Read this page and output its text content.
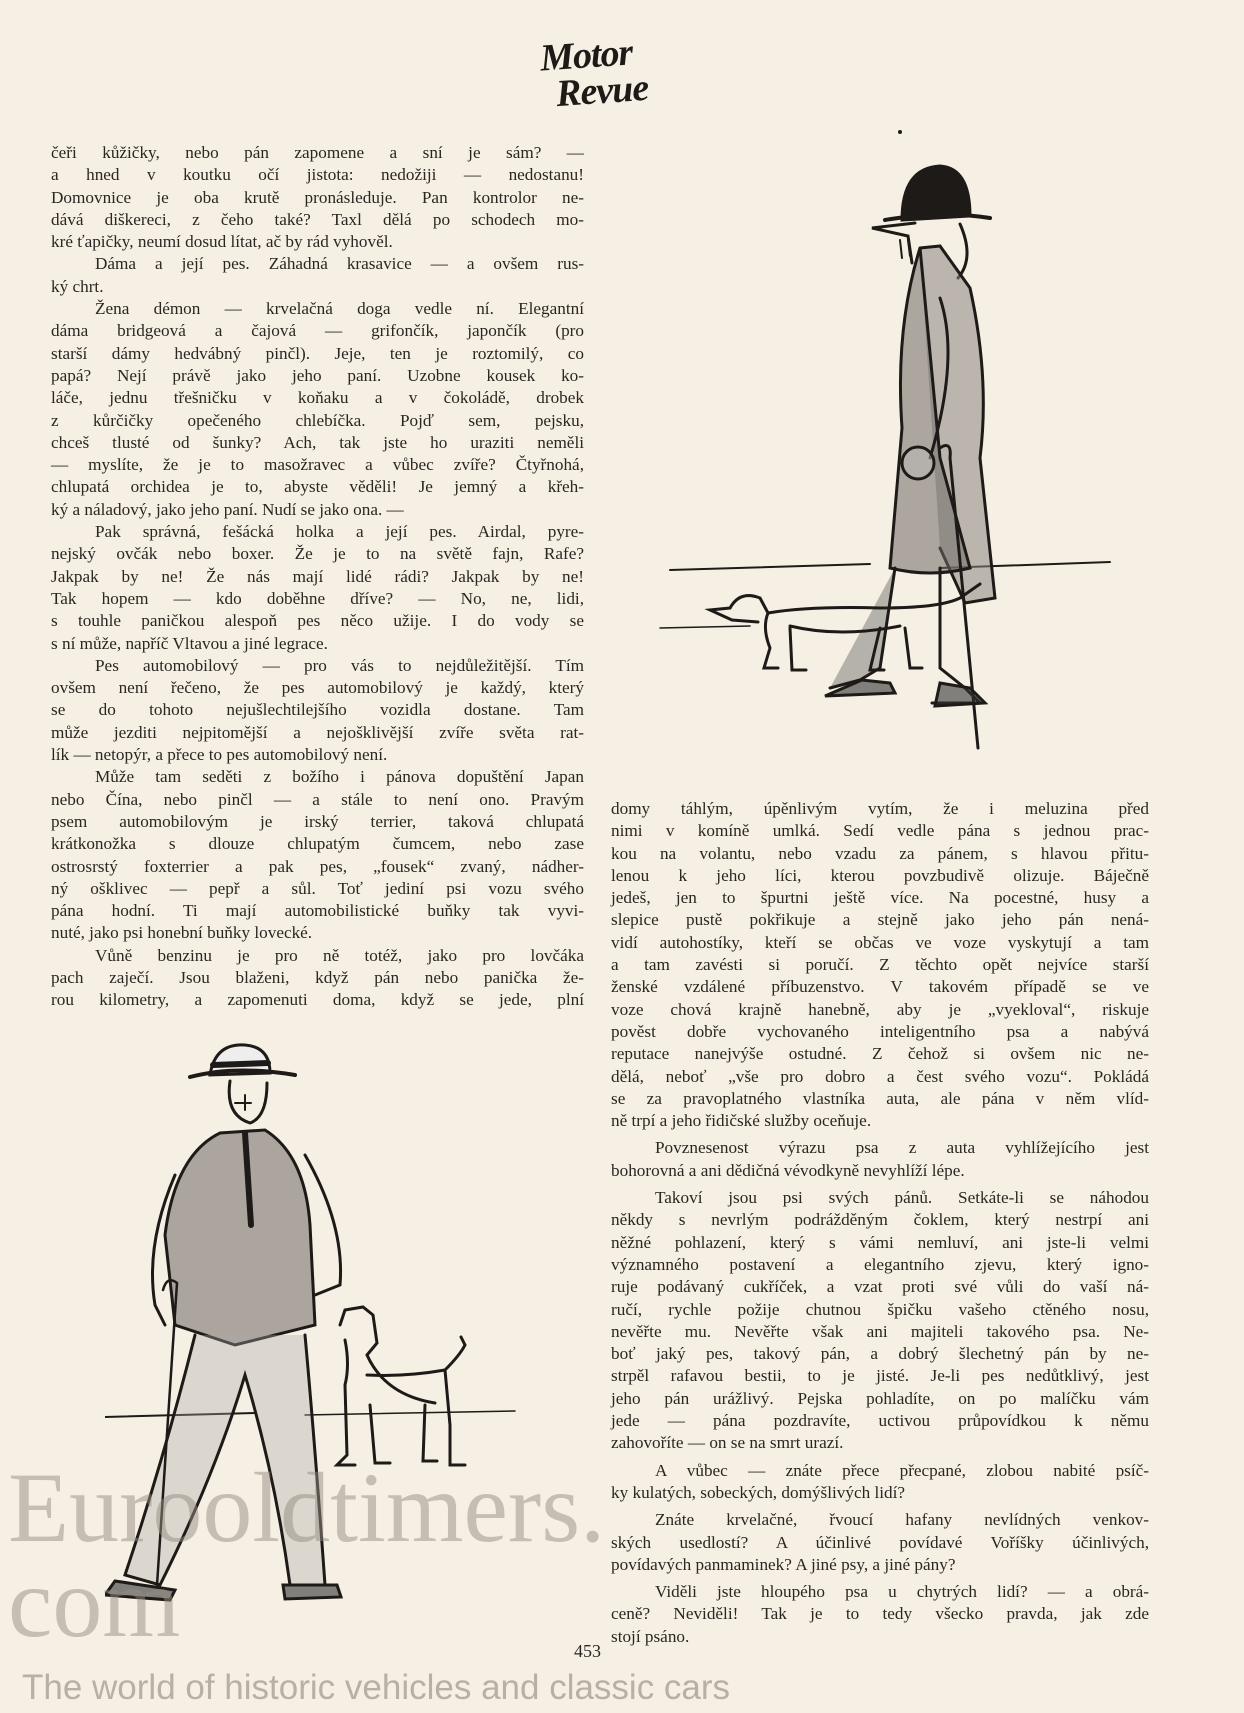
Motor
Revue
čeři kůžičky, nebo pán zapomene a sní je sám? —
a hned v koutku očí jistota: nedožiji — nedostanu!
Domovnice je oba krutě pronásleduje. Pan kontrolor ne-
dává diškereci, z čeho také? Taxl dělá po schodech mo-
kré ťapičky, neumí dosud lítat, ač by rád vyhověl.
Dáma a její pes. Záhadná krasavice — a ovšem rus-
ký chrt.
Žena démon — krvelačná doga vedle ní. Elegantní
dáma bridgeová a čajová — grifončík, japončík (pro
starší dámy hedvábný pinčl). Jeje, ten je roztomilý, co
papá? Nejí právě jako jeho paní. Uzobne kousek ko-
láče, jednu třešničku v koňaku a v čokoládě, drobek
z kůrčičky opečeného chlebíčka. Pojď sem, pejsku,
chceš tlusté od šunky? Ach, tak jste ho uraziti neměli
— myslíte, že je to masožravec a vůbec zvíře? Čtyřnohá,
chlupatá orchidea je to, abyste věděli! Je jemný a křeh-
ký a náladový, jako jeho paní. Nudí se jako ona. —
Pak správná, fešácká holka a její pes. Airdal, pyre-
nejský ovčák nebo boxer. Že je to na světě fajn, Rafe?
Jakpak by ne! Že nás mají lidé rádi? Jakpak by ne!
Tak hopem — kdo doběhne dříve? — No, ne, lidi,
s touhle paničkou alespoň pes něco užije. I do vody se
s ní může, napříč Vltavou a jiné legrace.
Pes automobilový — pro vás to nejdůležitější. Tím
ovšem není řečeno, že pes automobilový je každý, který
se do tohoto nejušlechtilejšího vozidla dostane. Tam
může jezditi nejpitomější a nejošklivější zvíře světa rat-
lík — netopýr, a přece to pes automobilový není.
Může tam seděti z božího i pánova dopuštění Japan
nebo Čína, nebo pinčl — a stále to není ono. Pravým
psem automobilovým je irský terrier, taková chlupatá
krátkonožka s dlouze chlupatým čumcem, nebo zase
ostrosrstý foxterrier a pak pes, „fousek“ zvaný, nádher-
ný ošklivec — pepř a sůl. Toť jediní psi vozu svého
pána hodní. Ti mají automobilistické buňky tak vyvi-
nuté, jako psi honební buňky lovecké.
Vůně benzinu je pro ně totéž, jako pro lovčáka
pach zaječí. Jsou blaženi, když pán nebo panička že-
rou kilometry, a zapomenuti doma, když se jede, plní
domy táhlým, úpěnlivým vytím, že i meluzina před
nimi v komíně umlká. Sedí vedle pána s jednou prac-
kou na volantu, nebo vzadu za pánem, s hlavou přitu-
lenou k jeho líci, kterou povzbudivě olizuje. Báječně
jedeš, jen to špurtni ještě více. Na pocestné, husy a
slepice pustě pokřikuje a stejně jako jeho pán nená-
vidí autohostíky, kteří se občas ve voze vyskytují a tam
a tam zavésti si poručí. Z těchto opět nejvíce starší
ženské vzdálené příbuzenstvo. V takovém případě se ve
voze chová krajně hanebně, aby je „vyekloval“, riskuje
pověst dobře vychovaného inteligentního psa a nabývá
reputace nanejvýše ostudné. Z čehož si ovšem nic ne-
dělá, neboť „vše pro dobro a čest svého vozu“. Pokládá
se za pravoplatného vlastníka auta, ale pána v něm vlíd-
ně trpí a jeho řidičské služby oceňuje.
Povznesenost výrazu psa z auta vyhlížejícího jest
bohorovná a ani dědičná vévodkyně nevyhlíží lépe.
Takoví jsou psi svých pánů. Setkáte-li se náhodou
někdy s nevrlým podrážděným čoklem, který nestrpí ani
něžné pohlazení, který s vámi nemluví, ani jste-li velmi
významného postavení a elegantního zjevu, který igno-
ruje podávaný cukříček, a vzat proti své vůli do vaší ná-
ručí, rychle požije chutnou špičku vašeho ctěného nosu,
nevěřte mu. Nevěřte však ani majiteli takového psa. Ne-
boť jaký pes, takový pán, a dobrý šlechetný pán by ne-
strpěl rafavou bestii, to je jisté. Je-li pes nedůtklivý, jest
jeho pán urážlivý. Pejska pohladíte, on po malíčku vám
jede — pána pozdravíte, uctivou průpovídkou k němu
zahovoříte — on se na smrt urazí.
A vůbec — znáte přece přecpané, zlobou nabité psíč-
ky kulatých, sobeckých, domýšlivých lidí?
Znáte krvelačné, řvoucí hafany nevlídných venkov-
ských usedlostí? A účinlivé povídavé Voříšky účinlivých,
povídavých panmaminek? A jiné psy, a jiné pány?
Viděli jste hloupého psa u chytrých lidí? — a obrá-
ceně? Neviděli! Tak je to tedy všecko pravda, jak zde
stojí psáno.
Eurooldtimers.com
The world of historic vehicles and classic cars
453
